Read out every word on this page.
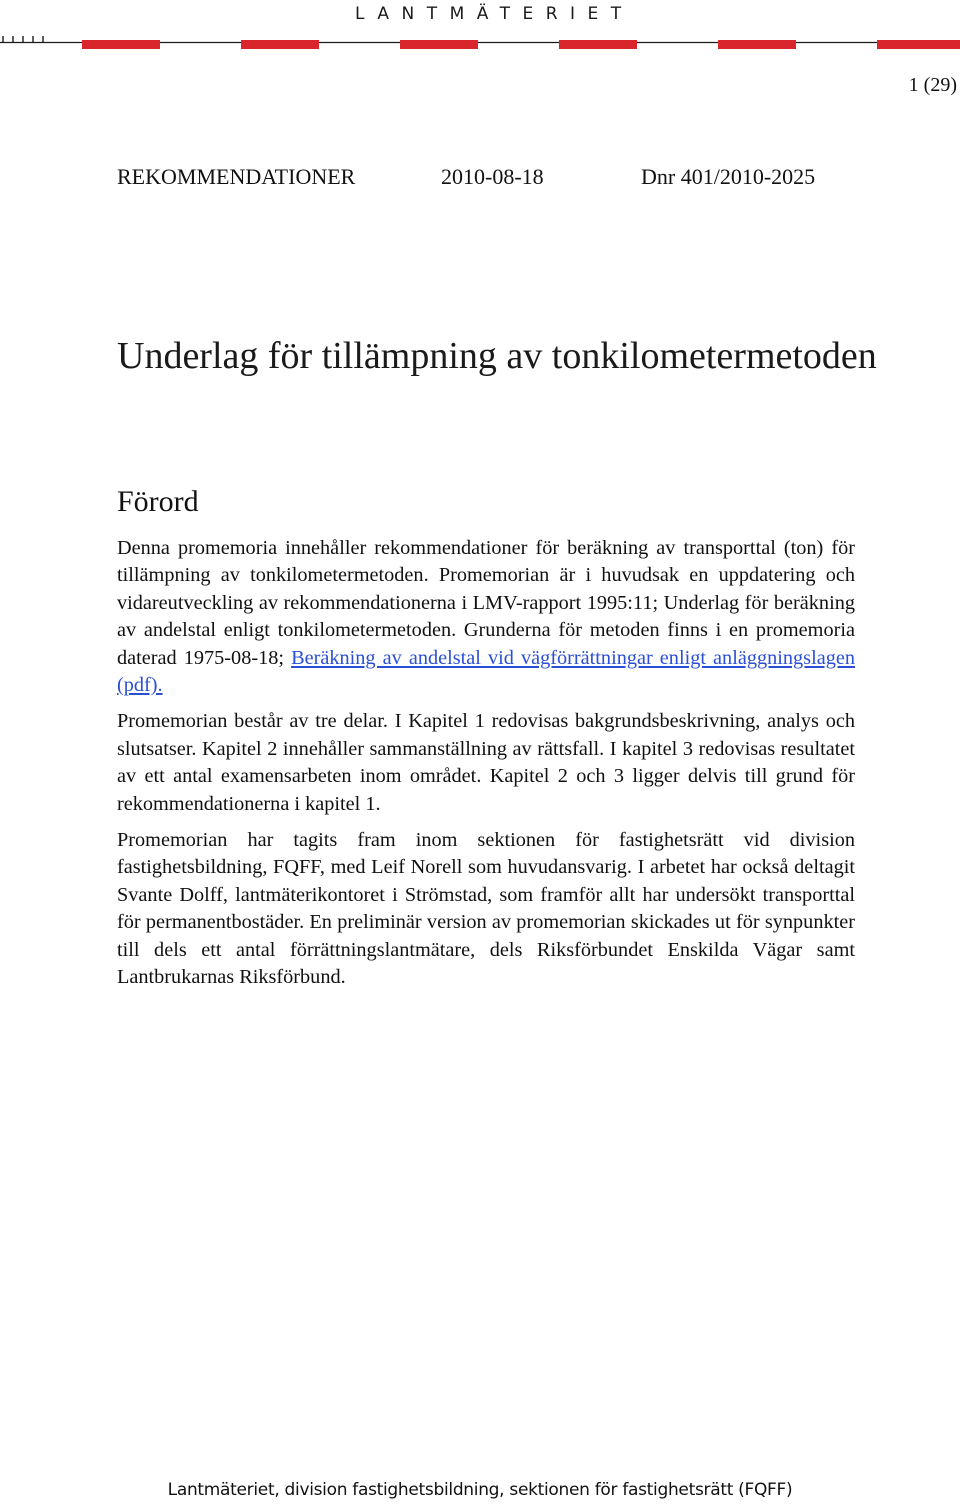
LANTMÄTERIET
1 (29)
REKOMMENDATIONER	2010-08-18	Dnr 401/2010-2025
Underlag för tillämpning av tonkilometermetoden
Förord

Denna promemoria innehåller rekommendationer för beräkning av transporttal (ton) för tillämpning av tonkilometermetoden. Promemorian är i huvudsak en uppdatering och vidareutveckling av rekommendationerna i LMV-rapport 1995:11; Underlag för beräkning av andelstal enligt tonkilometermetoden. Grunderna för metoden finns i en promemoria daterad 1975-08-18; Beräkning av andelstal vid vägförrättningar enligt anläggningslagen (pdf).

Promemorian består av tre delar. I Kapitel 1 redovisas bakgrundsbeskrivning, analys och slutsatser. Kapitel 2 innehåller sammanställning av rättsfall. I kapitel 3 redovisas resultatet av ett antal examensarbeten inom området. Kapitel 2 och 3 ligger delvis till grund för rekommendationerna i kapitel 1.

Promemorian har tagits fram inom sektionen för fastighetsrätt vid division fastighetsbildning, FQFF, med Leif Norell som huvudansvarig. I arbetet har också deltagit Svante Dolff, lantmäterikontoret i Strömstad, som framför allt har undersökt transporttal för permanentbostäder. En preliminär version av promemorian skickades ut för synpunkter till dels ett antal förrättningslantmätare, dels Riksförbundet Enskilda Vägar samt Lantbrukarnas Riksförbund.

Lantmäteriet, division fastighetsbildning, sektionen för fastighetsrätt (FQFF)
